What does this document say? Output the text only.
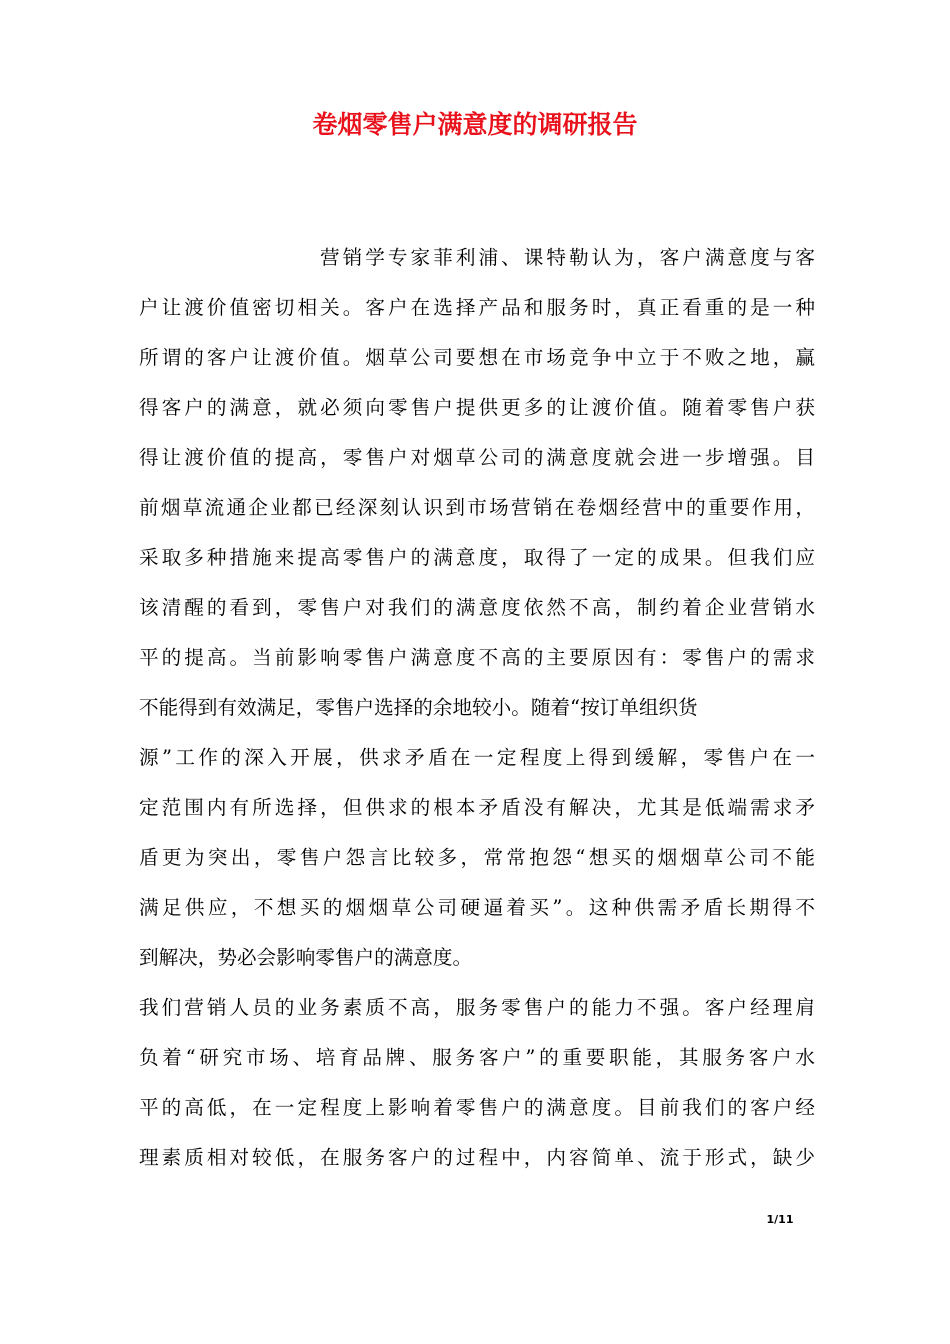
卷烟零售户满意度的调研报告
营销学专家菲利浦、课特勒认为，客户满意度与客
户让渡价值密切相关。客户在选择产品和服务时，真正看重的是一种
所谓的客户让渡价值。烟草公司要想在市场竞争中立于不败之地，赢
得客户的满意，就必须向零售户提供更多的让渡价值。随着零售户获
得让渡价值的提高，零售户对烟草公司的满意度就会进一步增强。目
前烟草流通企业都已经深刻认识到市场营销在卷烟经营中的重要作用，
采取多种措施来提高零售户的满意度，取得了一定的成果。但我们应
该清醒的看到，零售户对我们的满意度依然不高，制约着企业营销水
平的提高。当前影响零售户满意度不高的主要原因有：零售户的需求
不能得到有效满足，零售户选择的余地较小。随着“按订单组织货
源”工作的深入开展，供求矛盾在一定程度上得到缓解，零售户在一
定范围内有所选择，但供求的根本矛盾没有解决，尤其是低端需求矛
盾更为突出，零售户怨言比较多，常常抱怨“想买的烟烟草公司不能
满足供应，不想买的烟烟草公司硬逼着买”。这种供需矛盾长期得不
到解决，势必会影响零售户的满意度。
我们营销人员的业务素质不高，服务零售户的能力不强。客户经理肩
负着“研究市场、培育品牌、服务客户”的重要职能，其服务客户水
平的高低，在一定程度上影响着零售户的满意度。目前我们的客户经
理素质相对较低，在服务客户的过程中，内容简单、流于形式，缺少
1/11
